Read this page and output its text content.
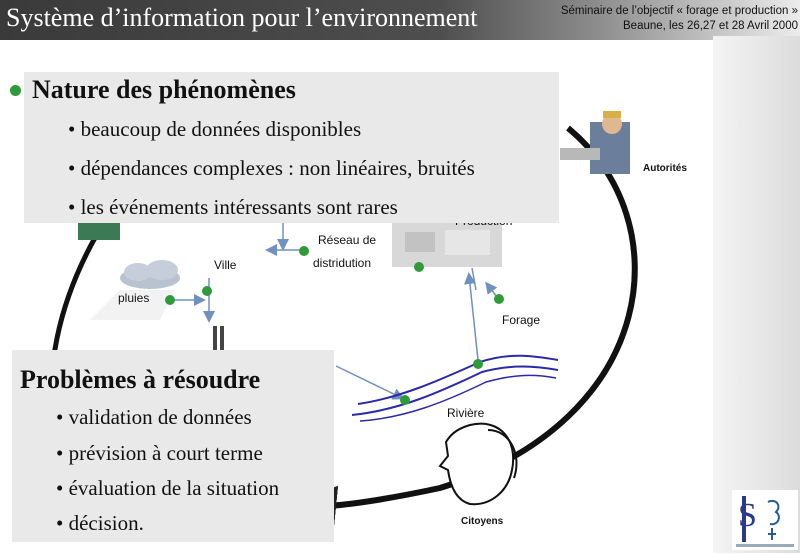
Système d’information pour l’environnement	Séminaire de l’objectif « forage et production »
Beaune, les 26,27 et 28 Avril 2000
Autorités
Réseau de
distridution
Ville
pluies
Forage
Rivière
Citoyens
Nature des phénomènes
• beaucoup de données disponibles
• dépendances complexes : non linéaires, bruités
• les événements intéressants sont rares
Problèmes à résoudre
• validation de données
• prévision à court terme
• évaluation de la situation
• décision.	S
